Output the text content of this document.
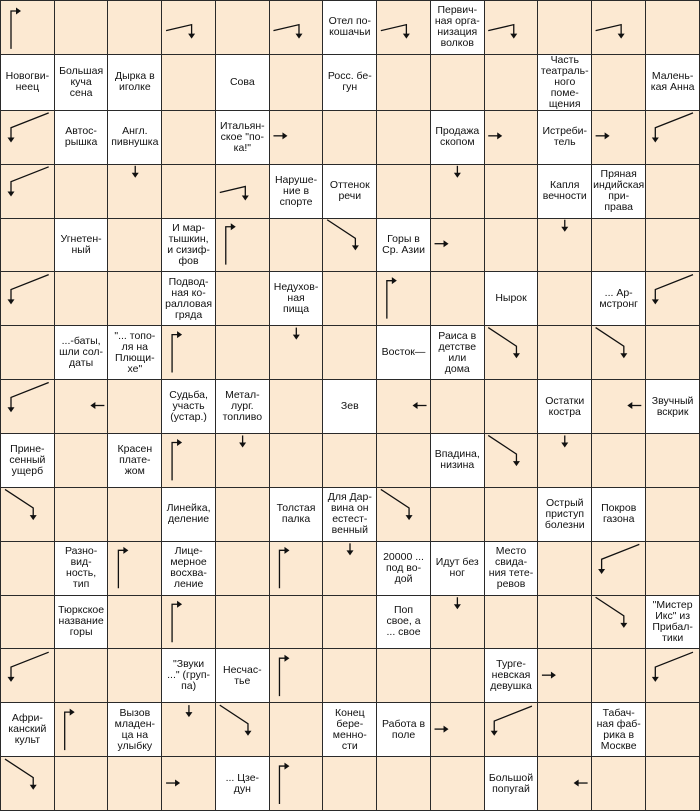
Отел по-
кошачьи
Первич-
ная орга-
низация
волков
Новогви-
неец
Большая
куча
сена
Дырка в
иголке	Сова	Росс. бе-
гун
Часть
театраль-
ного поме-
щения
Малень-
кая Анна
Автос-
рышка
Англ.
пивнушка
Итальян-
ское "по-
ка!"
Продажа
скопом
Истреби-
тель
Наруше-
ние в
спорте
Оттенок
речи
Капля
вечности
Пряная
индийская
при-
права
Угнетен-
ный
И мар-
тышкин,
и сизиф-
фов
Горы в
Ср. Азии
Подвод-
ная ко-
ралловая
гряда
Недухов-
ная
пища
Нырок	... Ар-
мстронг
...-баты,
шли сол-
даты
"... топо-
ля на
Плющи-
хе"
Восток—
Раиса в
детстве
или
дома
Судьба,
участь
(устар.)
Метал-
лург.
топливо
Зев	Остатки
костра
Звучный
вскрик
Прине-
сенный
ущерб
Красен
плате-
жом
Впадина,
низина
Линейка,
деление
Толстая
палка
Для Дар-
вина он
естест-
венный
Острый
приступ
болезни
Покров
газона
Разно-
вид-
ность,
тип
Лице-
мерное
восхва-
ление
20000 ...
под во-
дой
Идут без
ног
Место
свида-
ния тете-
ревов
Тюркское
название
горы
Поп
свое, а
... свое
"Мистер
Икс" из
Прибал-
тики
"Звуки
..." (груп-
па)
Несчас-
тье
Турге-
невская
девушка
Афри-
канский
культ
Вызов
младен-
ца на
улыбку
Конец
бере-
менно-
сти
Работа в
поле
Табач-
ная фаб-
рика в
Москве
... Цзе-
дун
Большой
попугай
